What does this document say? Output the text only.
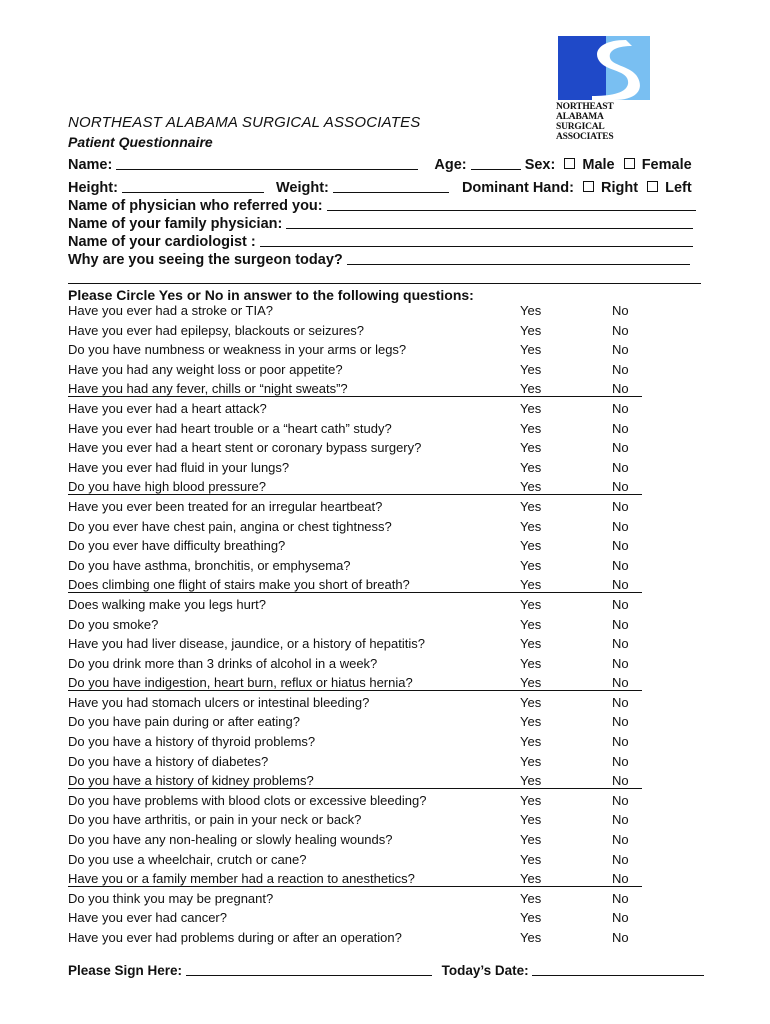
NORTHEAST ALABAMA
SURGICAL ASSOCIATES
NORTHEAST ALABAMA SURGICAL ASSOCIATES
Patient Questionnaire
Name:	Age:	Sex: Male Female
Height:	Weight:	Dominant Hand: Right Left
Name of physician who referred you:
Name of your family physician:
Name of your cardiologist :
Why are you seeing the surgeon today?
Please Circle Yes or No in answer to the following questions:
Have you ever had a stroke or TIA?	Yes	No
Have you ever had epilepsy, blackouts or seizures?	Yes	No
Do you have numbness or weakness in your arms or legs?	Yes	No
Have you had any weight loss or poor appetite?	Yes	No
Have you had any fever, chills or “night sweats”?	Yes	No
Have you ever had a heart attack?	Yes	No
Have you ever had heart trouble or a “heart cath” study?	Yes	No
Have you ever had a heart stent or coronary bypass surgery?	Yes	No
Have you ever had fluid in your lungs?	Yes	No
Do you have high blood pressure?	Yes	No
Have you ever been treated for an irregular heartbeat?	Yes	No
Do you ever have chest pain, angina or chest tightness?	Yes	No
Do you ever have difficulty breathing?	Yes	No
Do you have asthma, bronchitis, or emphysema?	Yes	No
Does climbing one flight of stairs make you short of breath?	Yes	No
Does walking make you legs hurt?	Yes	No
Do you smoke?	Yes	No
Have you had liver disease, jaundice, or a history of hepatitis?	Yes	No
Do you drink more than 3 drinks of alcohol in a week?	Yes	No
Do you have indigestion, heart burn, reflux or hiatus hernia?	Yes	No
Have you had stomach ulcers or intestinal bleeding?	Yes	No
Do you have pain during or after eating?	Yes	No
Do you have a history of thyroid problems?	Yes	No
Do you have a history of diabetes?	Yes	No
Do you have a history of kidney problems?	Yes	No
Do you have problems with blood clots or excessive bleeding?	Yes	No
Do you have arthritis, or pain in your neck or back?	Yes	No
Do you have any non-healing or slowly healing wounds?	Yes	No
Do you use a wheelchair, crutch or cane?	Yes	No
Have you or a family member had a reaction to anesthetics?	Yes	No
Do you think you may be pregnant?	Yes	No
Have you ever had cancer?	Yes	No
Have you ever had problems during or after an operation?	Yes	No
Please Sign Here:	Today’s Date:
